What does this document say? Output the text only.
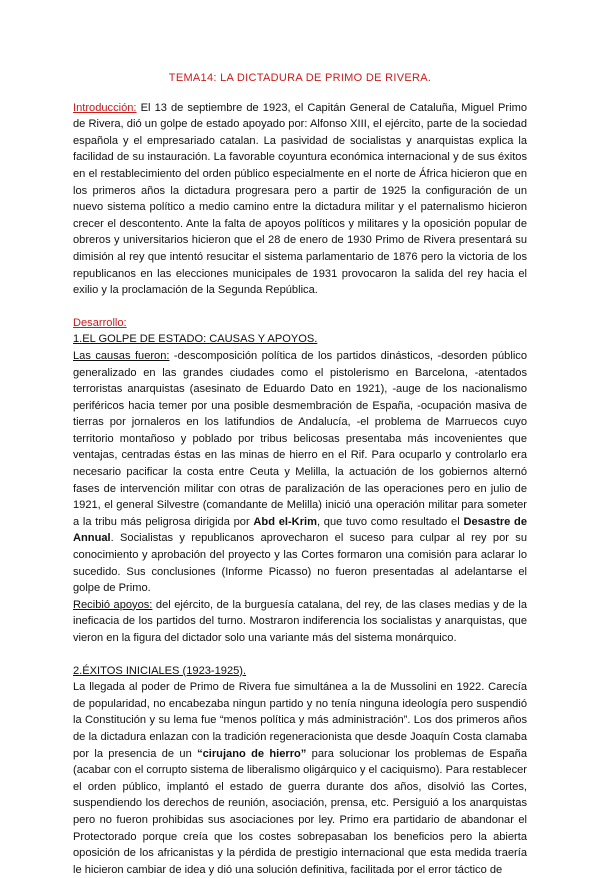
TEMA14: LA DICTADURA DE PRIMO DE RIVERA.

Introducción: El 13 de septiembre de 1923, el Capitán General de Cataluña, Miguel Primo de Rivera, dió un golpe de estado apoyado por: Alfonso XIII, el ejército, parte de la sociedad española y el empresariado catalan. La pasividad de socialistas y anarquistas explica la facilidad de su instauración. La favorable coyuntura económica internacional y de sus éxitos en el restablecimiento del orden público especialmente en el norte de África hicieron que en los primeros años la dictadura progresara pero a partir de 1925 la configuración de un nuevo sistema político a medio camino entre la dictadura militar y el paternalismo hicieron crecer el descontento. Ante la falta de apoyos políticos y militares y la oposición popular de obreros y universitarios hicieron que el 28 de enero de 1930 Primo de Rivera presentará su dimisión al rey que intentó resucitar el sistema parlamentario de 1876 pero la victoria de los republicanos en las elecciones municipales de 1931 provocaron la salida del rey hacia el exilio y la proclamación de la Segunda República.

Desarrollo:

1.EL GOLPE DE ESTADO: CAUSAS Y APOYOS.

Las causas fueron: -descomposición política de los partidos dinásticos, -desorden público generalizado en las grandes ciudades como el pistolerismo en Barcelona, -atentados terroristas anarquistas (asesinato de Eduardo Dato en 1921), -auge de los nacionalismo periféricos hacia temer por una posible desmembración de España, -ocupación masiva de tierras por jornaleros en los latifundios de Andalucía, -el problema de Marruecos cuyo territorio montañoso y poblado por tribus belicosas presentaba más incovenientes que ventajas, centradas éstas en las minas de hierro en el Rif. Para ocuparlo y controlarlo era necesario pacificar la costa entre Ceuta y Melilla, la actuación de los gobiernos alternó fases de intervención militar con otras de paralización de las operaciones pero en julio de 1921, el general Silvestre (comandante de Melilla) inició una operación militar para someter a la tribu más peligrosa dirigida por Abd el-Krim, que tuvo como resultado el Desastre de Annual. Socialistas y republicanos aprovecharon el suceso para culpar al rey por su conocimiento y aprobación del proyecto y las Cortes formaron una comisión para aclarar lo sucedido. Sus conclusiones (Informe Picasso) no fueron presentadas al adelantarse el golpe de Primo.

Recibió apoyos: del ejército, de la burguesía catalana, del rey, de las clases medias y de la ineficacia de los partidos del turno. Mostraron indiferencia los socialistas y anarquistas, que vieron en la figura del dictador solo una variante más del sistema monárquico.

2.ÉXITOS INICIALES (1923-1925).

La llegada al poder de Primo de Rivera fue simultánea a la de Mussolini en 1922. Carecía de popularidad, no encabezaba ningun partido y no tenía ninguna ideología pero suspendió la Constitución y su lema fue “menos política y más administración”. Los dos primeros años de la dictadura enlazan con la tradición regeneracionista que desde Joaquín Costa clamaba por la presencia de un “cirujano de hierro” para solucionar los problemas de España (acabar con el corrupto sistema de liberalismo oligárquico y el caciquismo). Para restablecer el orden público, implantó el estado de guerra durante dos años, disolvió las Cortes, suspendiendo los derechos de reunión, asociación, prensa, etc. Persiguió a los anarquistas pero no fueron prohibidas sus asociaciones por ley. Primo era partidario de abandonar el Protectorado porque creía que los costes sobrepasaban los beneficios pero la abierta oposición de los africanistas y la pérdida de prestigio internacional que esta medida traería le hicieron cambiar de idea y dió una solución definitiva, facilitada por el error táctico de
